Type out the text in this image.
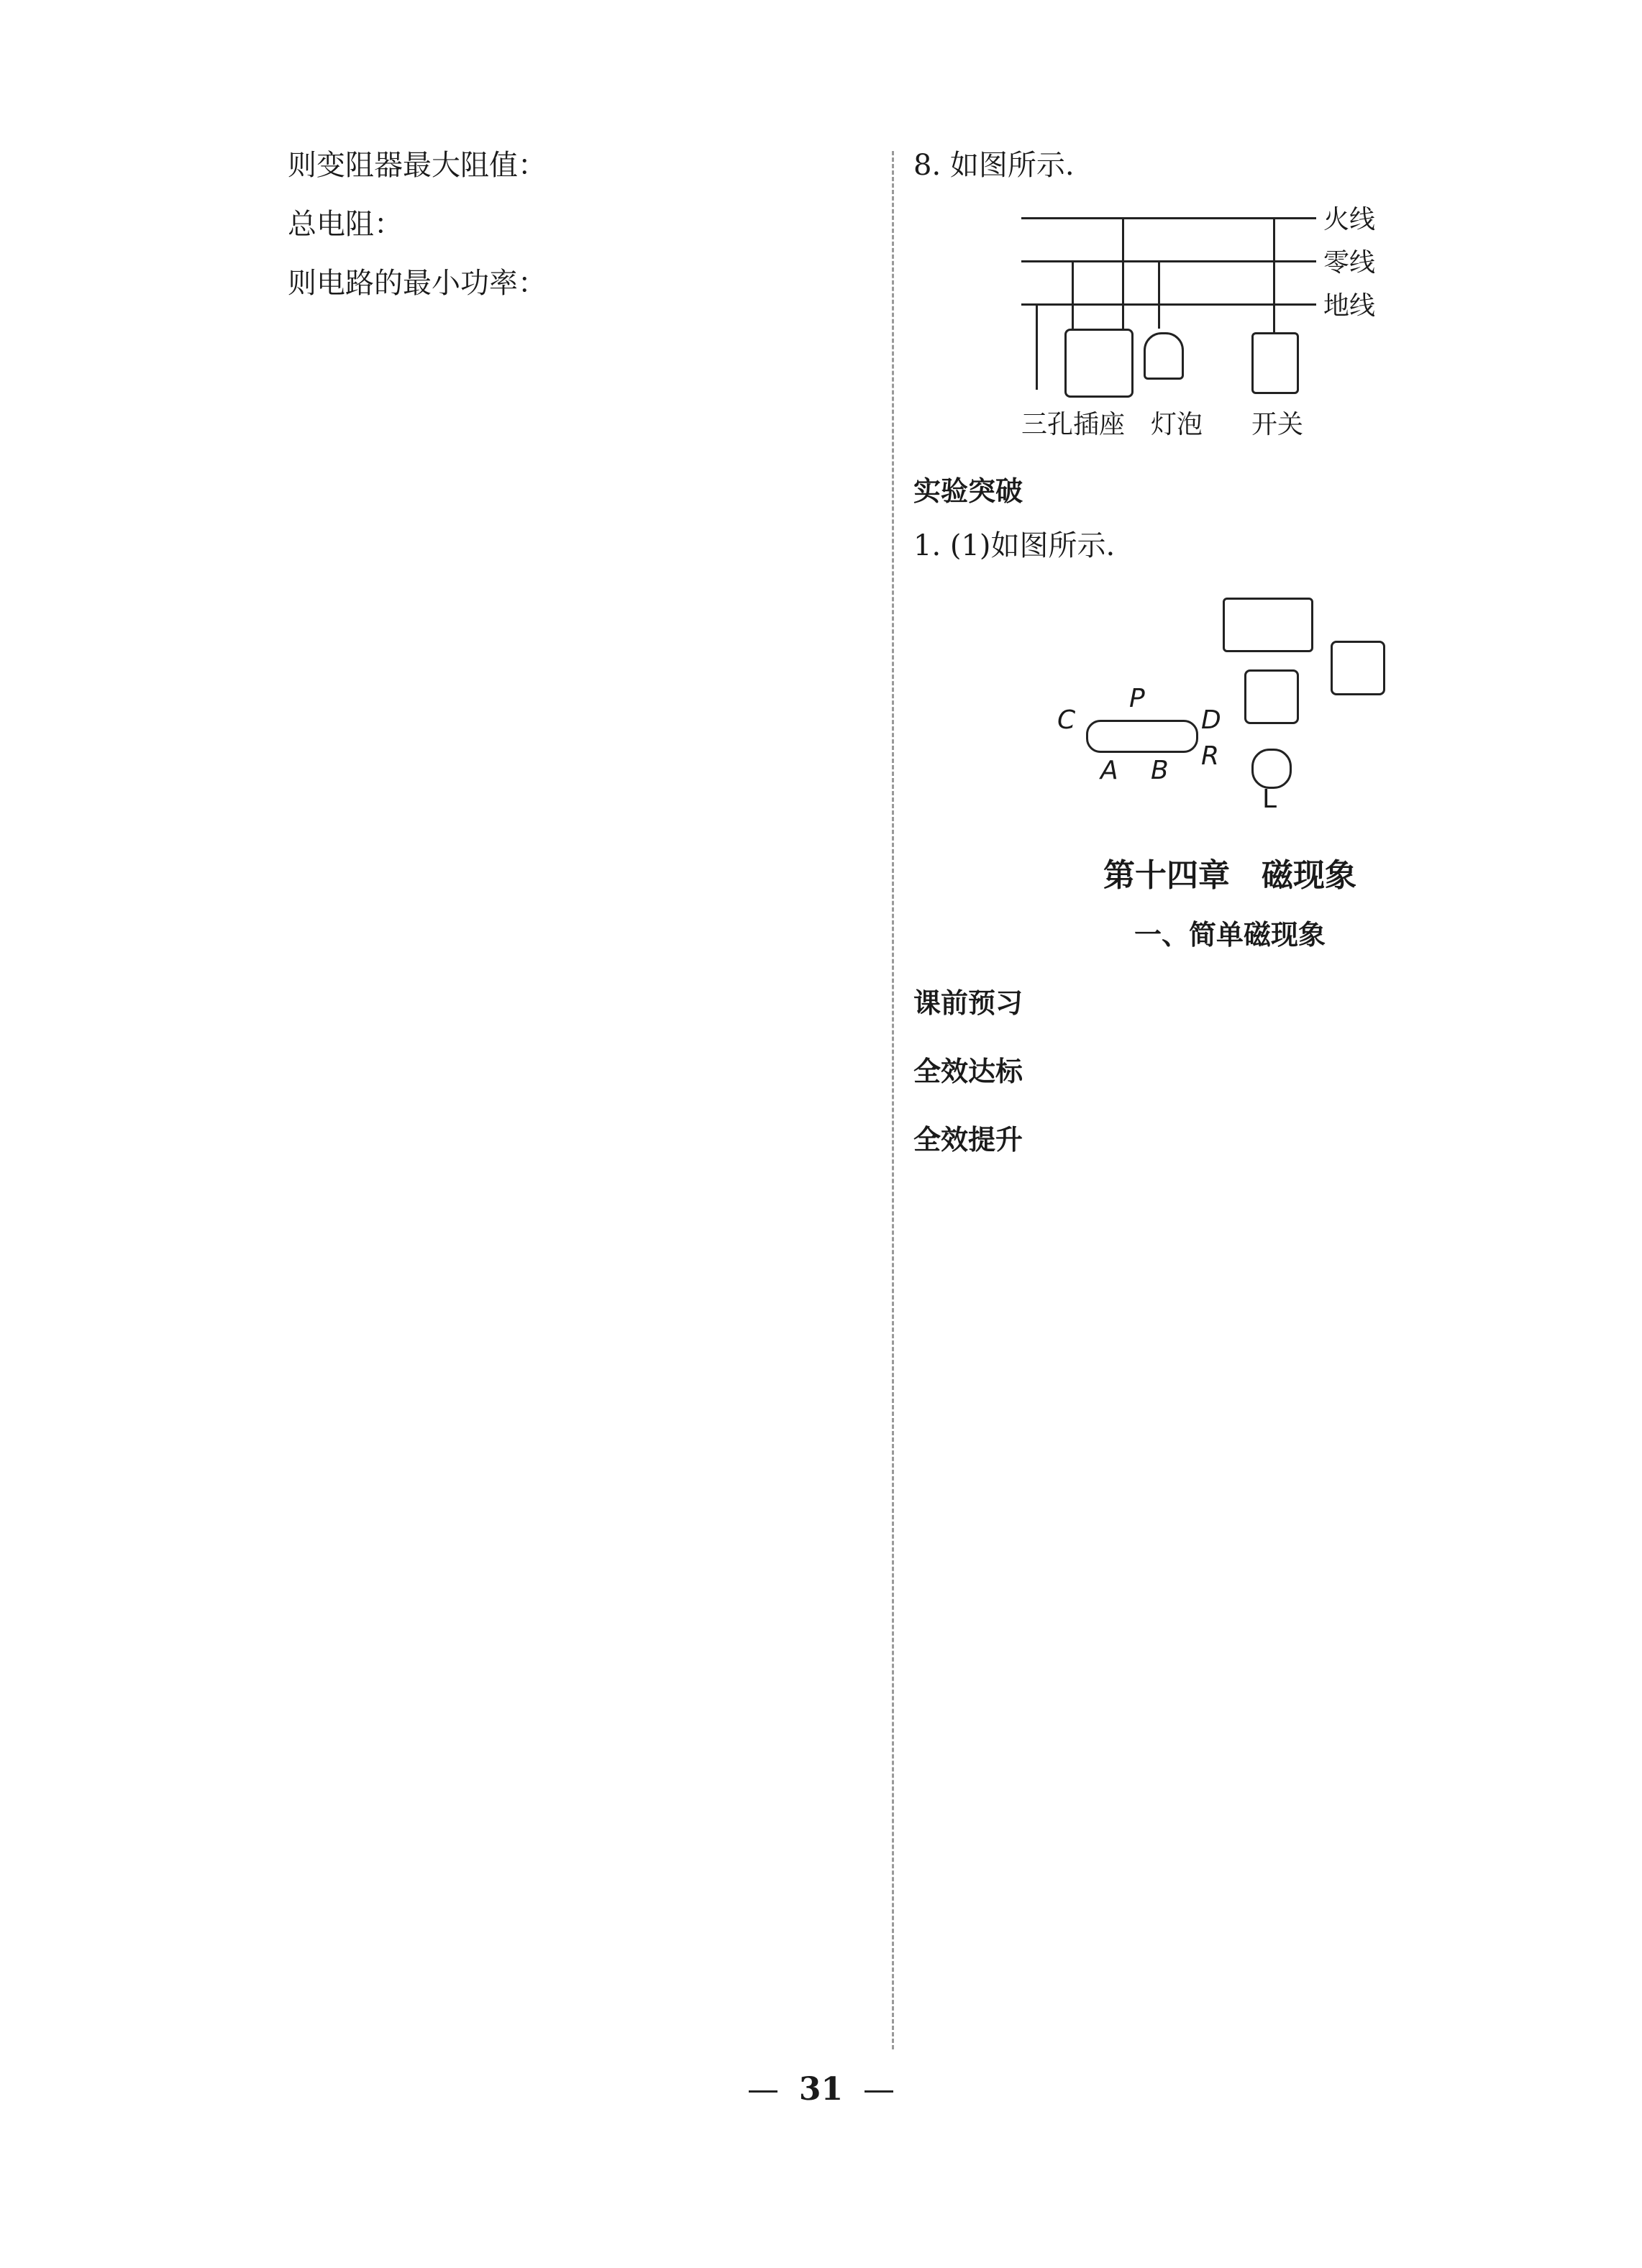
则变阻器最大阻值：
总电阻：
则电路的最小功率：
8. 如图所示.
火线
零线
地线
三孔插座 灯泡 开关
实验突破
1. (1)如图所示.
C
P
D
A B R
L
第十四章　磁现象
一、简单磁现象
课前预习
全效达标
全效提升
31
